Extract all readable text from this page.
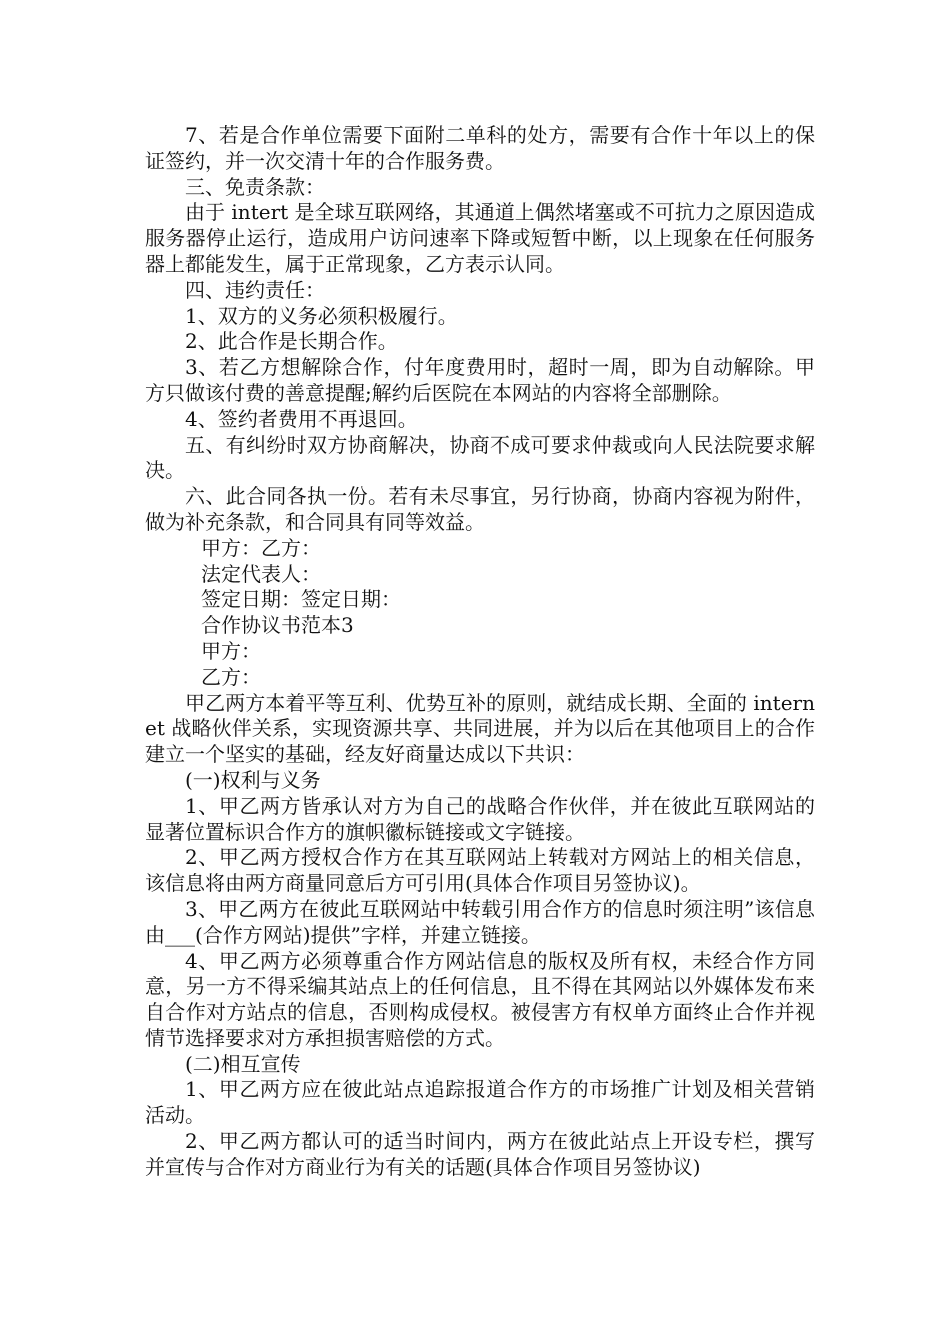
7、若是合作单位需要下面附二单科的处方，需要有合作十年以上的保证签约，并一次交清十年的合作服务费。

三、免责条款：

由于 intert 是全球互联网络，其通道上偶然堵塞或不可抗力之原因造成服务器停止运行，造成用户访问速率下降或短暂中断，以上现象在任何服务器上都能发生，属于正常现象，乙方表示认同。

四、违约责任：

1、双方的义务必须积极履行。

2、此合作是长期合作。

3、若乙方想解除合作，付年度费用时，超时一周，即为自动解除。甲方只做该付费的善意提醒;解约后医院在本网站的内容将全部删除。

4、签约者费用不再退回。

五、有纠纷时双方协商解决，协商不成可要求仲裁或向人民法院要求解决。

六、此合同各执一份。若有未尽事宜，另行协商，协商内容视为附件，做为补充条款，和合同具有同等效益。

甲方：乙方：

法定代表人：

签定日期：签定日期：

合作协议书范本3

甲方：

乙方：

甲乙两方本着平等互利、优势互补的原则，就结成长期、全面的 internet 战略伙伴关系，实现资源共享、共同进展，并为以后在其他项目上的合作建立一个坚实的基础，经友好商量达成以下共识：

(一)权利与义务

1、甲乙两方皆承认对方为自己的战略合作伙伴，并在彼此互联网站的显著位置标识合作方的旗帜徽标链接或文字链接。

2、甲乙两方授权合作方在其互联网站上转载对方网站上的相关信息，该信息将由两方商量同意后方可引用(具体合作项目另签协议)。

3、甲乙两方在彼此互联网站中转载引用合作方的信息时须注明”该信息由___(合作方网站)提供”字样，并建立链接。

4、甲乙两方必须尊重合作方网站信息的版权及所有权，未经合作方同意，另一方不得采编其站点上的任何信息，且不得在其网站以外媒体发布来自合作对方站点的信息，否则构成侵权。被侵害方有权单方面终止合作并视情节选择要求对方承担损害赔偿的方式。

(二)相互宣传

1、甲乙两方应在彼此站点追踪报道合作方的市场推广计划及相关营销活动。

2、甲乙两方都认可的适当时间内，两方在彼此站点上开设专栏，撰写并宣传与合作对方商业行为有关的话题(具体合作项目另签协议)
